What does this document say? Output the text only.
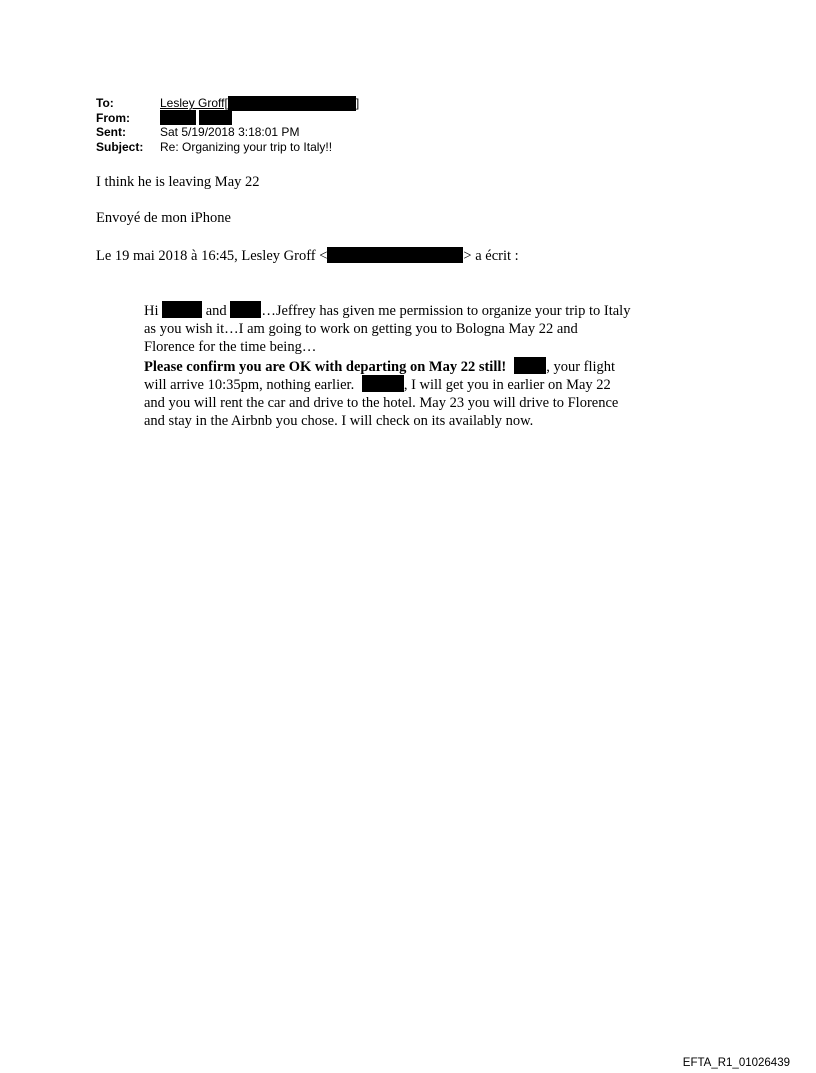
To:	Lesley Groff[	]
From:
Sent:	Sat 5/19/2018 3:18:01 PM
Subject:	Re: Organizing your trip to Italy!!
I think he is leaving May 22
Envoyé de mon iPhone
Le 19 mai 2018 à 16:45, Lesley Groff <	> a écrit :
Hi	and …Jeffrey has given me permission to organize your trip to Italy
as you wish it…I am going to work on getting you to Bologna May 22 and
Florence for the time being…
Please confirm you are OK with departing on May 22 still!	, your flight
will arrive 10:35pm, nothing earlier.	, I will get you in earlier on May 22
and you will rent the car and drive to the hotel. May 23 you will drive to Florence
and stay in the Airbnb you chose. I will check on its availably now.
EFTA_R1_01026439
